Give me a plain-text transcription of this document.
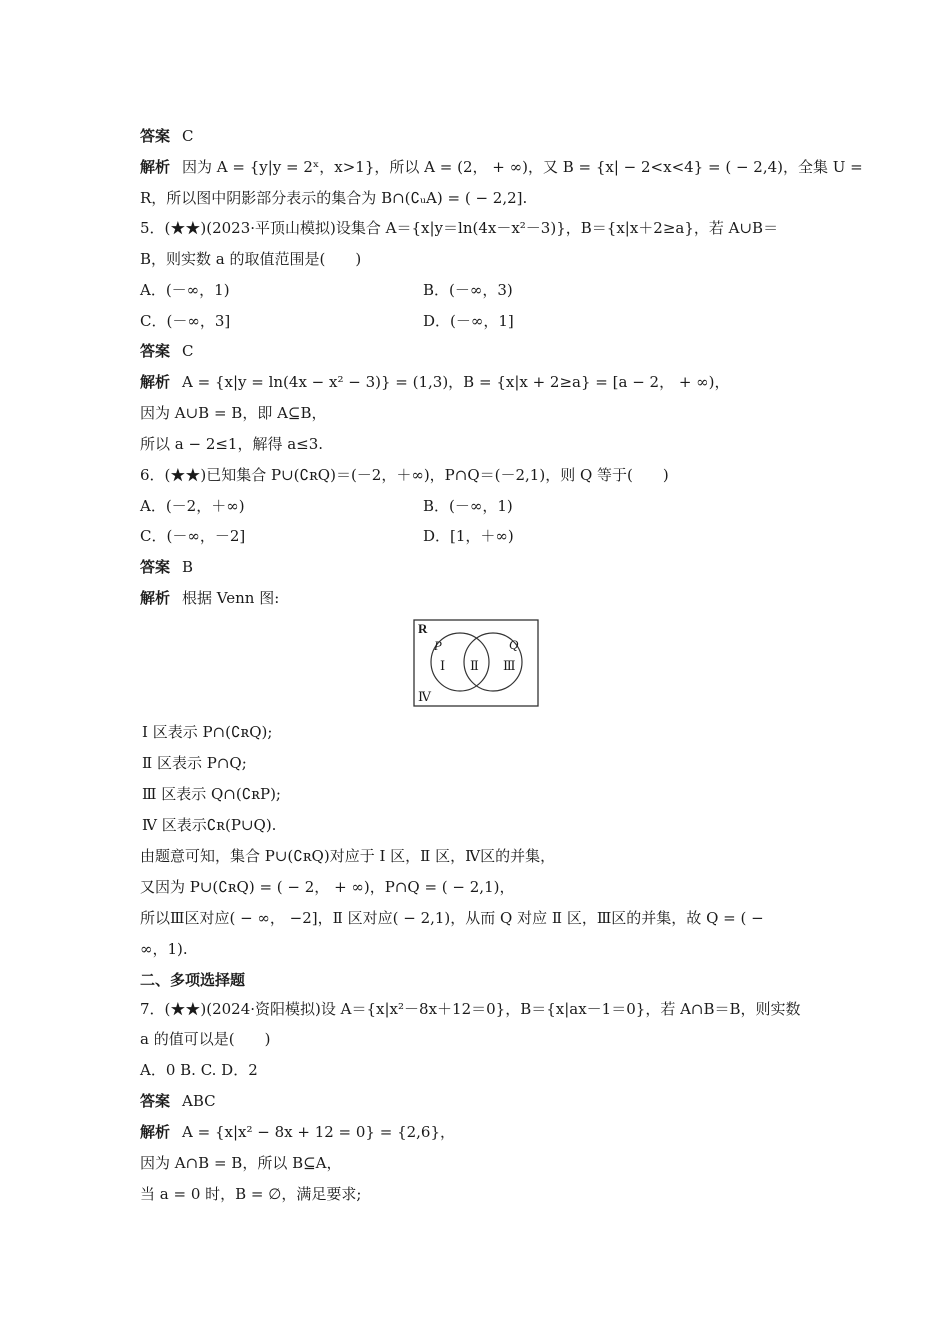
答案 C
解析 因为 A = {y|y = 2ˣ，x>1}，所以 A = (2， + ∞)，又 B = {x| − 2<x<4} = ( − 2,4)，全集 U =
R，所以图中阴影部分表示的集合为 B∩(∁ᵤA) = ( − 2,2].
5．(★★)(2023·平顶山模拟)设集合 A＝{x|y＝ln(4x－x²－3)}，B＝{x|x＋2≥a}，若 A∪B＝
B，则实数 a 的取值范围是(　　)
A．(－∞，1)	B．(－∞，3)
C．(－∞，3]	D．(－∞，1]
答案 C
解析 A = {x|y = ln(4x − x² − 3)} = (1,3)，B = {x|x + 2≥a} = [a − 2， + ∞)，
因为 A∪B = B，即 A⊆B，
所以 a − 2≤1，解得 a≤3.
6．(★★)已知集合 P∪(∁ʀQ)＝(－2，＋∞)，P∩Q＝(－2,1)，则 Q 等于(　　)
A．(－2，＋∞)	B．(－∞，1)
C．(－∞，－2]	D．[1，＋∞)
答案 B
解析 根据 Venn 图:
R
P	Q
Ⅰ Ⅱ Ⅲ
Ⅳ
Ⅰ 区表示 P∩(∁ʀQ);
Ⅱ 区表示 P∩Q;
Ⅲ 区表示 Q∩(∁ʀP);
Ⅳ 区表示∁ʀ(P∪Q).
由题意可知，集合 P∪(∁ʀQ)对应于 Ⅰ 区，Ⅱ 区，Ⅳ区的并集，
又因为 P∪(∁ʀQ) = ( − 2， + ∞)，P∩Q = ( − 2,1)，
所以Ⅲ区对应( − ∞， −2]，Ⅱ 区对应( − 2,1)，从而 Q 对应 Ⅱ 区，Ⅲ区的并集，故 Q = ( −
∞，1).
二、多项选择题
7．(★★)(2024·资阳模拟)设 A＝{x|x²－8x＋12＝0}，B＝{x|ax－1＝0}，若 A∩B＝B，则实数
a 的值可以是(　　)
A．0 B. C. D．2
答案 ABC
解析 A = {x|x² − 8x + 12 = 0} = {2,6}，
因为 A∩B = B，所以 B⊆A，
当 a = 0 时，B = ∅，满足要求;
